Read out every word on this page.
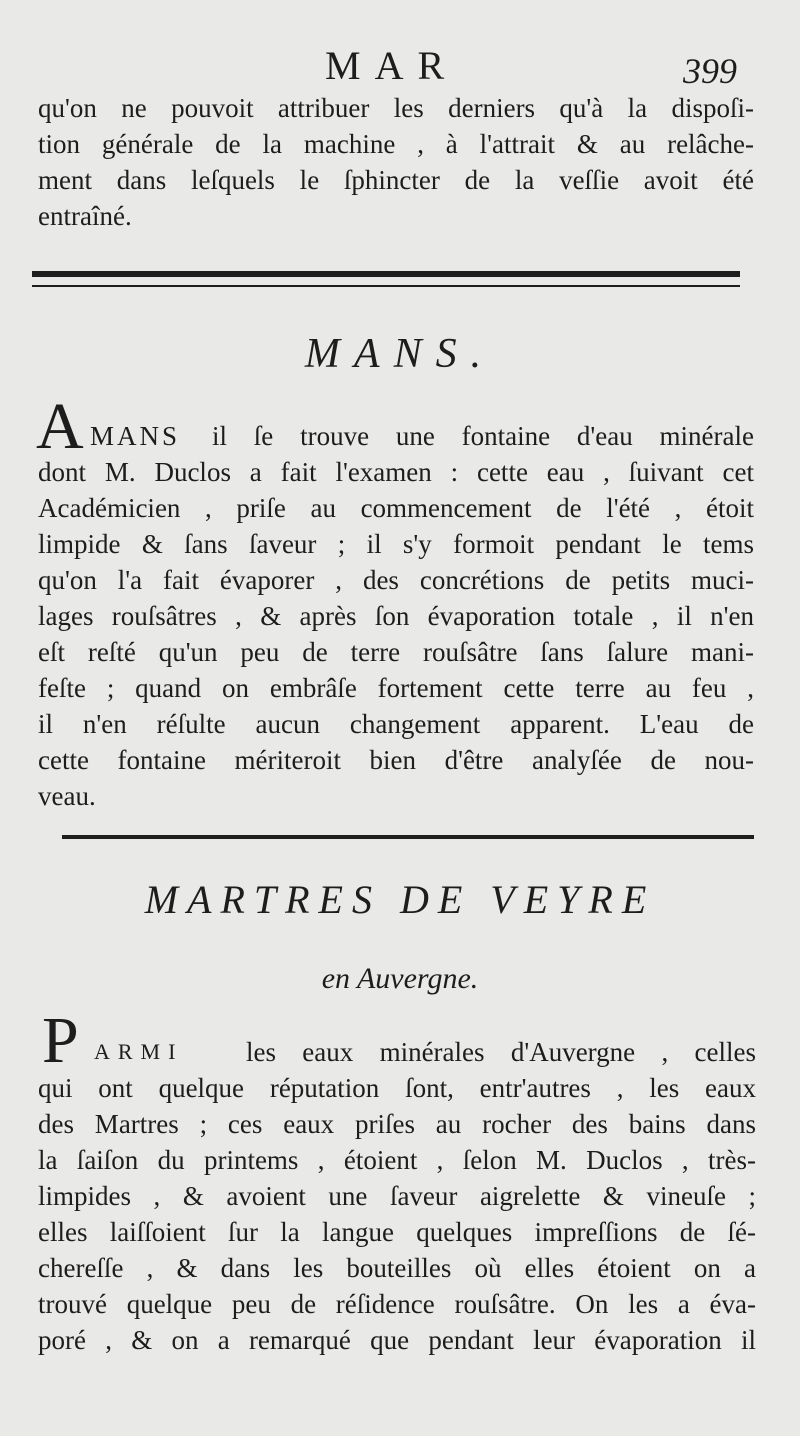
MAR	399
qu'on ne pouvoit attribuer les derniers qu'à la dispoſi-
tion générale de la machine , à l'attrait & au relâche-
ment dans leſquels le ſphincter de la veſſie avoit été
entraîné.
MANS.
A MANS il ſe trouve une fontaine d'eau minérale
dont M. Duclos a fait l'examen : cette eau , ſuivant cet
Académicien , priſe au commencement de l'été , étoit
limpide & ſans ſaveur ; il s'y formoit pendant le tems
qu'on l'a fait évaporer , des concrétions de petits muci-
lages rouſsâtres , & après ſon évaporation totale , il n'en
eſt reſté qu'un peu de terre rouſsâtre ſans ſalure mani-
feſte ; quand on embrâſe fortement cette terre au feu ,
il n'en réſulte aucun changement apparent. L'eau de
cette fontaine mériteroit bien d'être analyſée de nou-
veau.
MARTRES DE VEYRE
en Auvergne.
P ARMI les eaux minérales d'Auvergne , celles
qui ont quelque réputation ſont, entr'autres , les eaux
des Martres ; ces eaux priſes au rocher des bains dans
la ſaiſon du printems , étoient , ſelon M. Duclos , très-
limpides , & avoient une ſaveur aigrelette & vineuſe ;
elles laiſſoient ſur la langue quelques impreſſions de ſé-
chereſſe , & dans les bouteilles où elles étoient on a
trouvé quelque peu de réſidence rouſsâtre. On les a éva-
poré , & on a remarqué que pendant leur évaporation il
